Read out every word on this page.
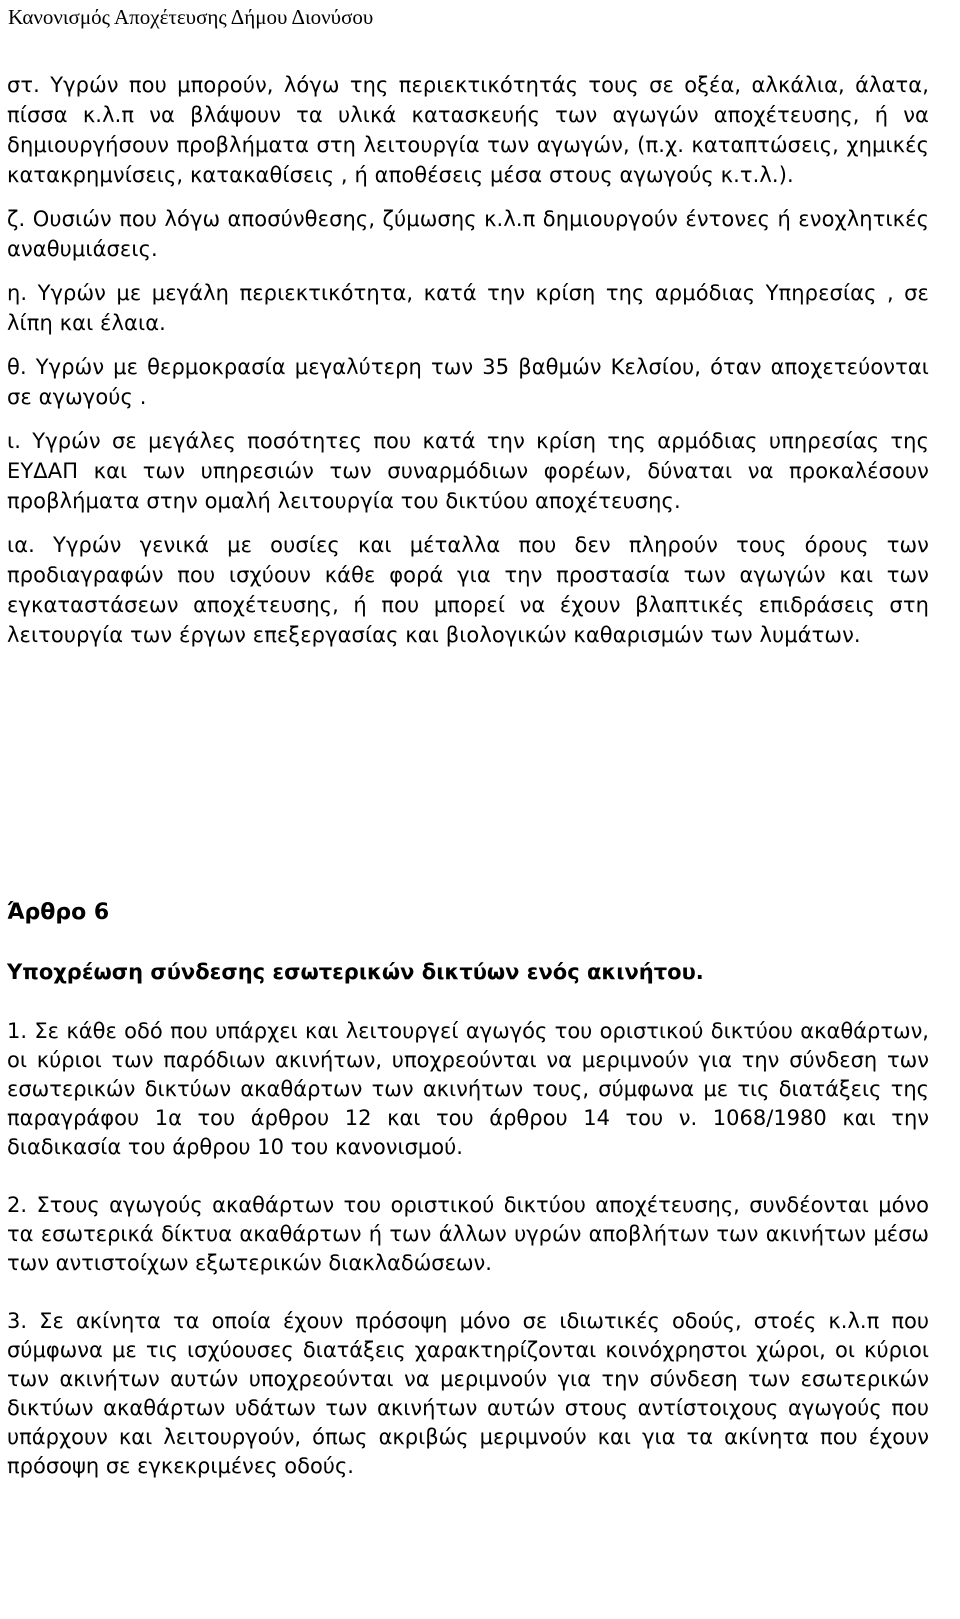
Κανονισμός Αποχέτευσης Δήμου Διονύσου

στ. Υγρών που μπορούν, λόγω της περιεκτικότητάς τους σε οξέα, αλκάλια, άλατα, πίσσα κ.λ.π να βλάψουν τα υλικά κατασκευής των αγωγών αποχέτευσης, ή να δημιουργήσουν προβλήματα στη λειτουργία των αγωγών, (π.χ. καταπτώσεις, χημικές κατακρημνίσεις, κατακαθίσεις , ή αποθέσεις μέσα στους αγωγούς κ.τ.λ.).

ζ. Ουσιών που λόγω αποσύνθεσης, ζύμωσης κ.λ.π δημιουργούν έντονες ή ενοχλητικές αναθυμιάσεις.

η. Υγρών με μεγάλη περιεκτικότητα, κατά την κρίση της αρμόδιας Υπηρεσίας , σε λίπη και έλαια.

θ. Υγρών με θερμοκρασία μεγαλύτερη των 35 βαθμών Κελσίου, όταν αποχετεύονται σε αγωγούς .

ι. Υγρών σε μεγάλες ποσότητες που κατά την κρίση της αρμόδιας υπηρεσίας της ΕΥΔΑΠ και των υπηρεσιών των συναρμόδιων φορέων, δύναται να προκαλέσουν προβλήματα στην ομαλή λειτουργία του δικτύου αποχέτευσης.

ια. Υγρών γενικά με ουσίες και μέταλλα που δεν πληρούν τους όρους των προδιαγραφών που ισχύουν κάθε φορά για την προστασία των αγωγών και των εγκαταστάσεων αποχέτευσης, ή που μπορεί να έχουν βλαπτικές επιδράσεις στη λειτουργία των έργων επεξεργασίας και βιολογικών καθαρισμών των λυμάτων.

Άρθρο 6
Υποχρέωση σύνδεσης εσωτερικών δικτύων ενός ακινήτου.

1. Σε κάθε οδό που υπάρχει και λειτουργεί αγωγός του οριστικού δικτύου ακαθάρτων, οι κύριοι των παρόδιων ακινήτων, υποχρεούνται να μεριμνούν για την σύνδεση των εσωτερικών δικτύων ακαθάρτων των ακινήτων τους, σύμφωνα με τις διατάξεις της παραγράφου 1α του άρθρου 12 και του άρθρου 14 του ν. 1068/1980 και την διαδικασία του άρθρου 10 του κανονισμού.

2. Στους αγωγούς ακαθάρτων του οριστικού δικτύου αποχέτευσης, συνδέονται μόνο τα εσωτερικά δίκτυα ακαθάρτων ή των άλλων υγρών αποβλήτων των ακινήτων μέσω των αντιστοίχων εξωτερικών διακλαδώσεων.

3. Σε ακίνητα τα οποία έχουν πρόσοψη μόνο σε ιδιωτικές οδούς, στοές κ.λ.π που σύμφωνα με τις ισχύουσες διατάξεις χαρακτηρίζονται κοινόχρηστοι χώροι, οι κύριοι των ακινήτων αυτών υποχρεούνται να μεριμνούν για την σύνδεση των εσωτερικών δικτύων ακαθάρτων υδάτων των ακινήτων αυτών στους αντίστοιχους αγωγούς που υπάρχουν και λειτουργούν, όπως ακριβώς μεριμνούν και για τα ακίνητα που έχουν πρόσοψη σε εγκεκριμένες οδούς.
